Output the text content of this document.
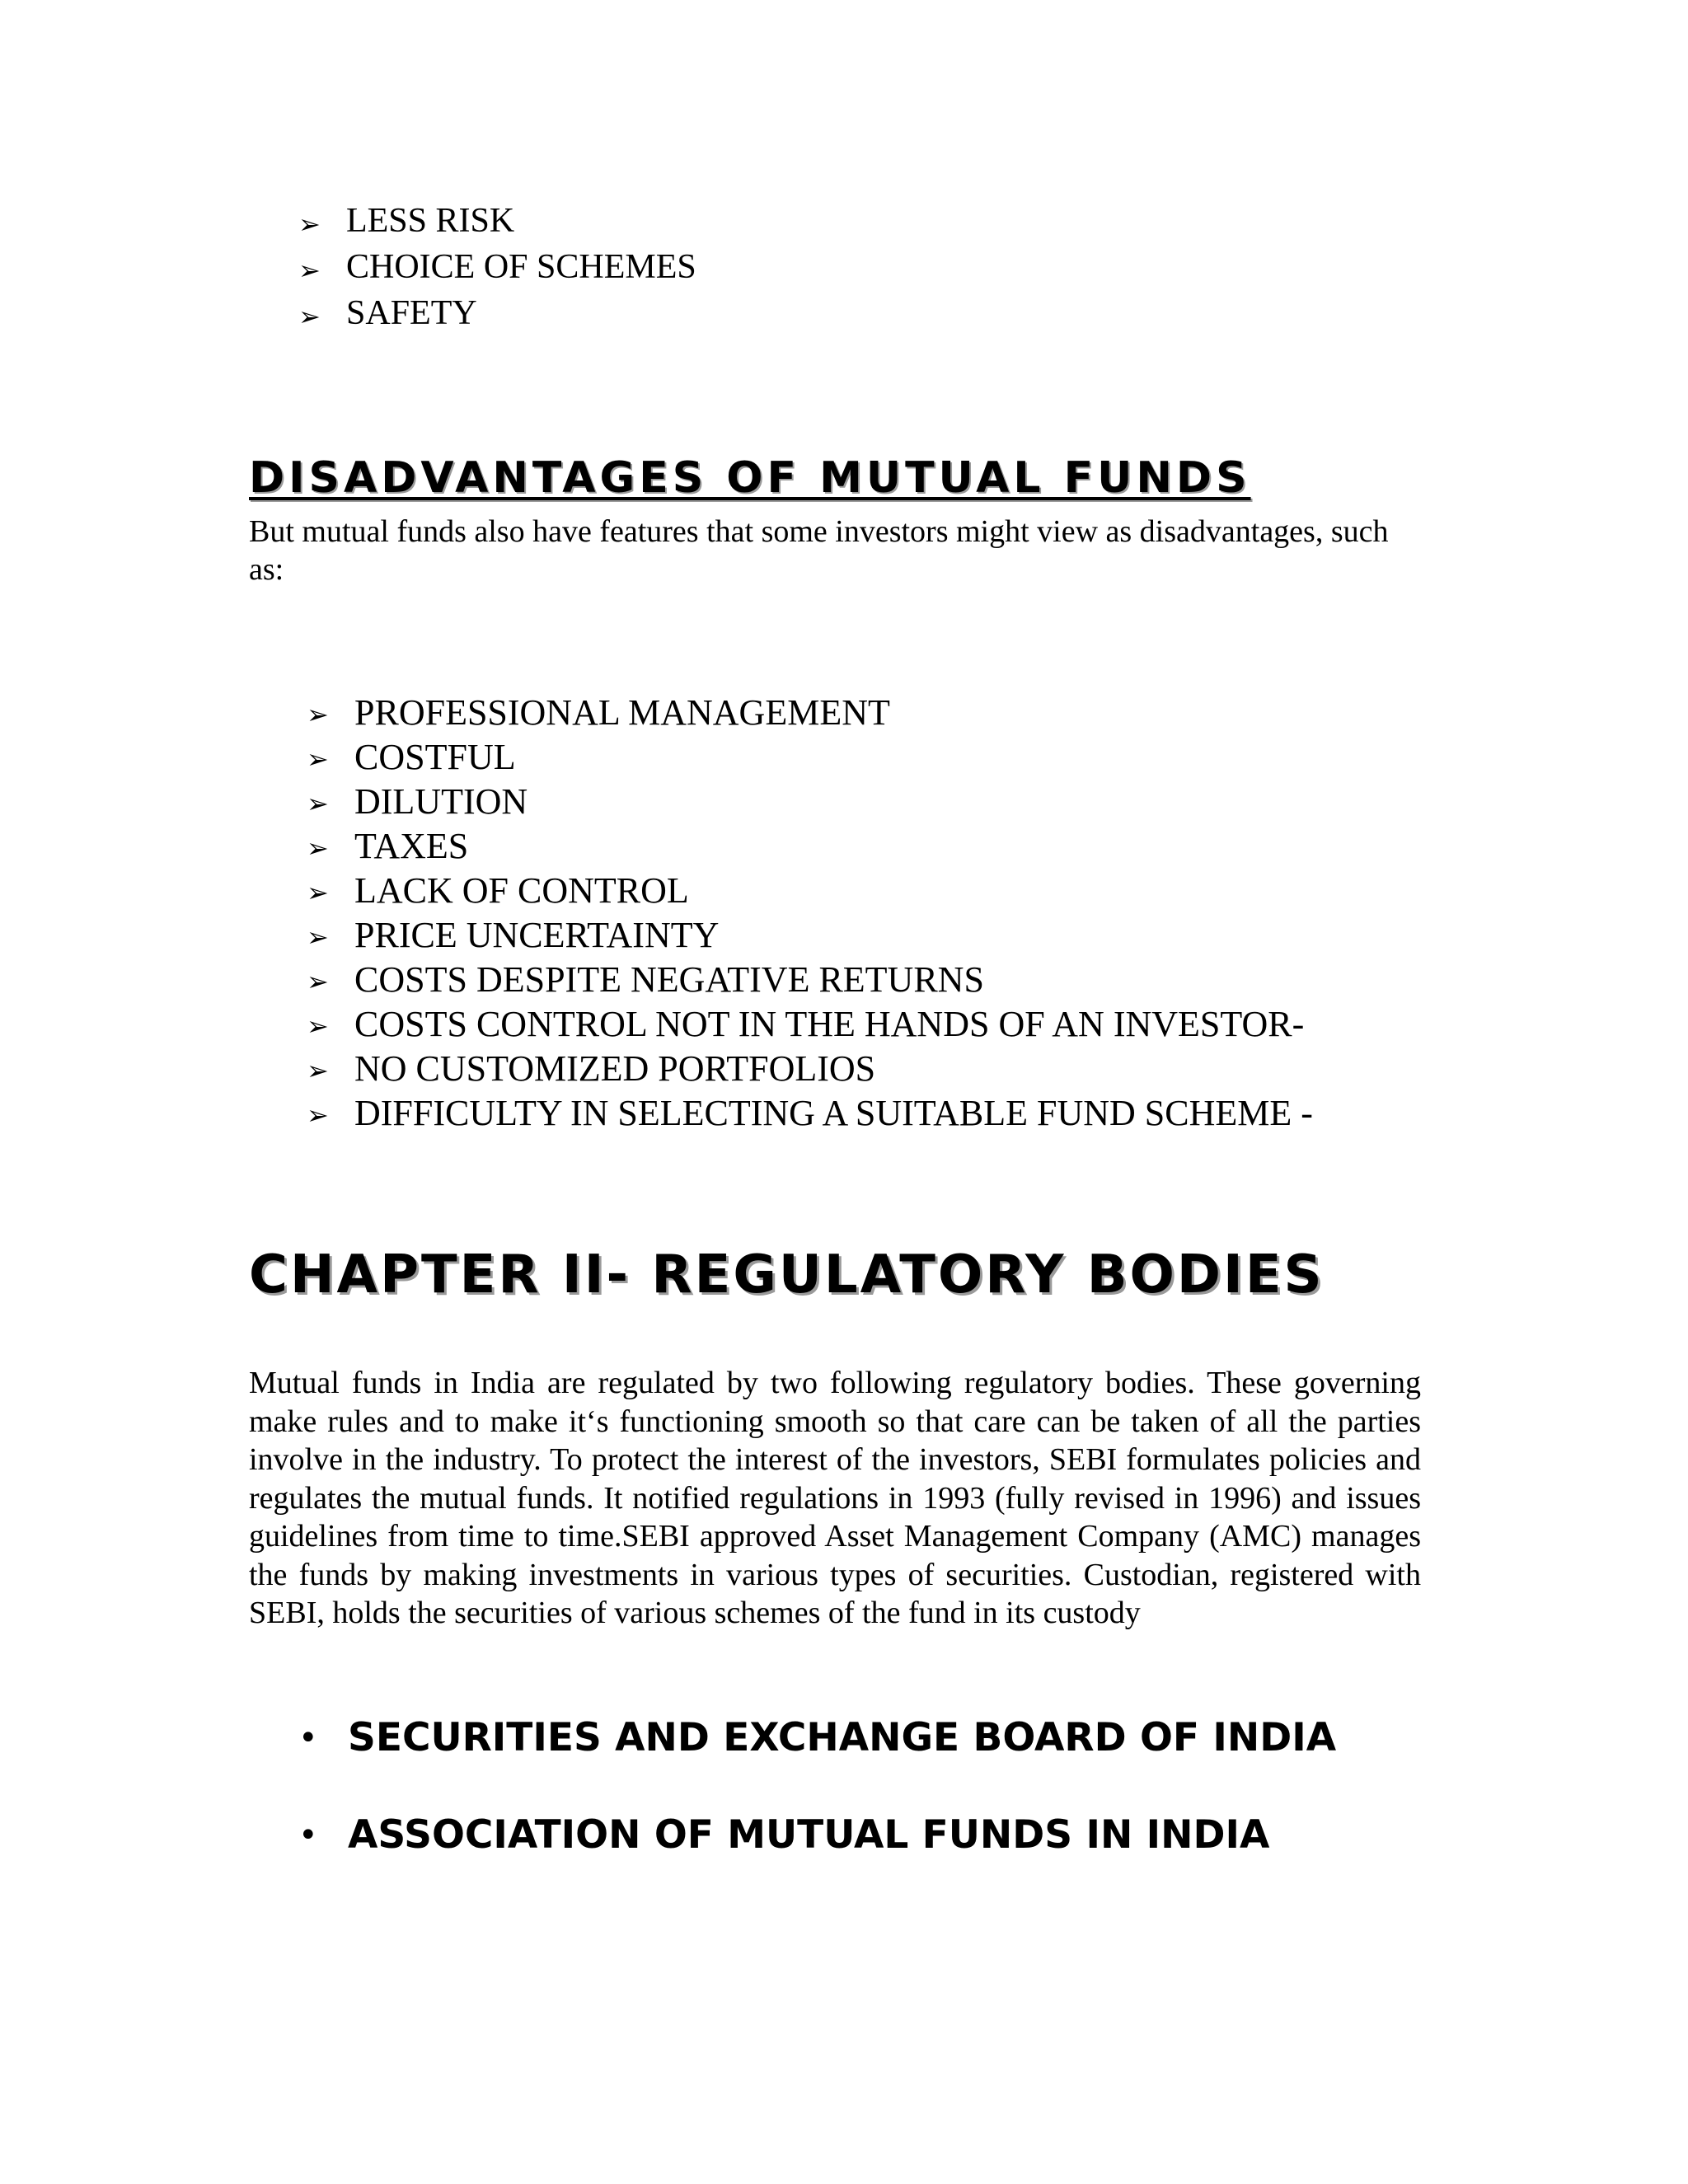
➢ LESS RISK
➢ CHOICE OF SCHEMES
➢ SAFETY
DISADVANTAGES OF MUTUAL FUNDS
But mutual funds also have features that some investors might view as disadvantages, such as:
➢ PROFESSIONAL MANAGEMENT
➢ COSTFUL
➢ DILUTION
➢ TAXES
➢ LACK OF CONTROL
➢ PRICE UNCERTAINTY
➢ COSTS DESPITE NEGATIVE RETURNS
➢ COSTS CONTROL NOT IN THE HANDS OF AN INVESTOR-
➢ NO CUSTOMIZED PORTFOLIOS
➢ DIFFICULTY IN SELECTING A SUITABLE FUND SCHEME -
CHAPTER II- REGULATORY BODIES

Mutual funds in India are regulated by two following regulatory bodies. These governing make rules and to make it‘s functioning smooth so that care can be taken of all the parties involve in the industry. To protect the interest of the investors, SEBI formulates policies and regulates the mutual funds. It notified regulations in 1993 (fully revised in 1996) and issues guidelines from time to time.SEBI approved Asset Management Company (AMC) manages the funds by making investments in various types of securities. Custodian, registered with SEBI, holds the securities of various schemes of the fund in its custody

• SECURITIES AND EXCHANGE BOARD OF INDIA
• ASSOCIATION OF MUTUAL FUNDS IN INDIA
